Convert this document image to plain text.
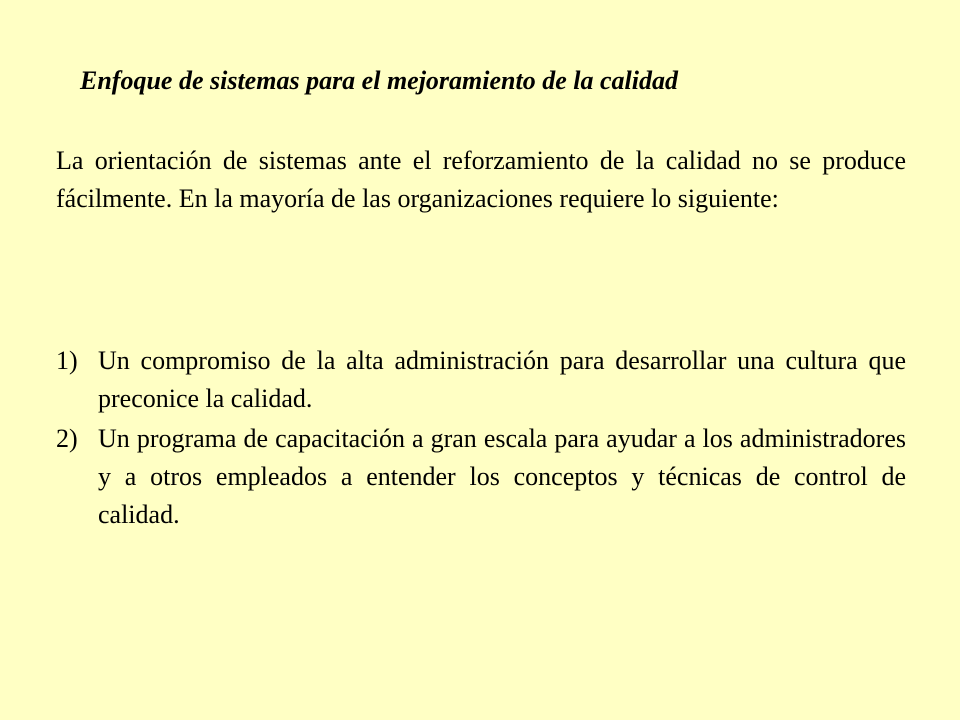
Enfoque de sistemas para el mejoramiento de la calidad

La orientación de sistemas ante el reforzamiento de la calidad no se produce fácilmente. En la mayoría de las organizaciones requiere lo siguiente:

1) Un compromiso de la alta administración para desarrollar una cultura que preconice la calidad.
2) Un programa de capacitación a gran escala para ayudar a los administradores y a otros empleados a entender los conceptos y técnicas de control de calidad.
